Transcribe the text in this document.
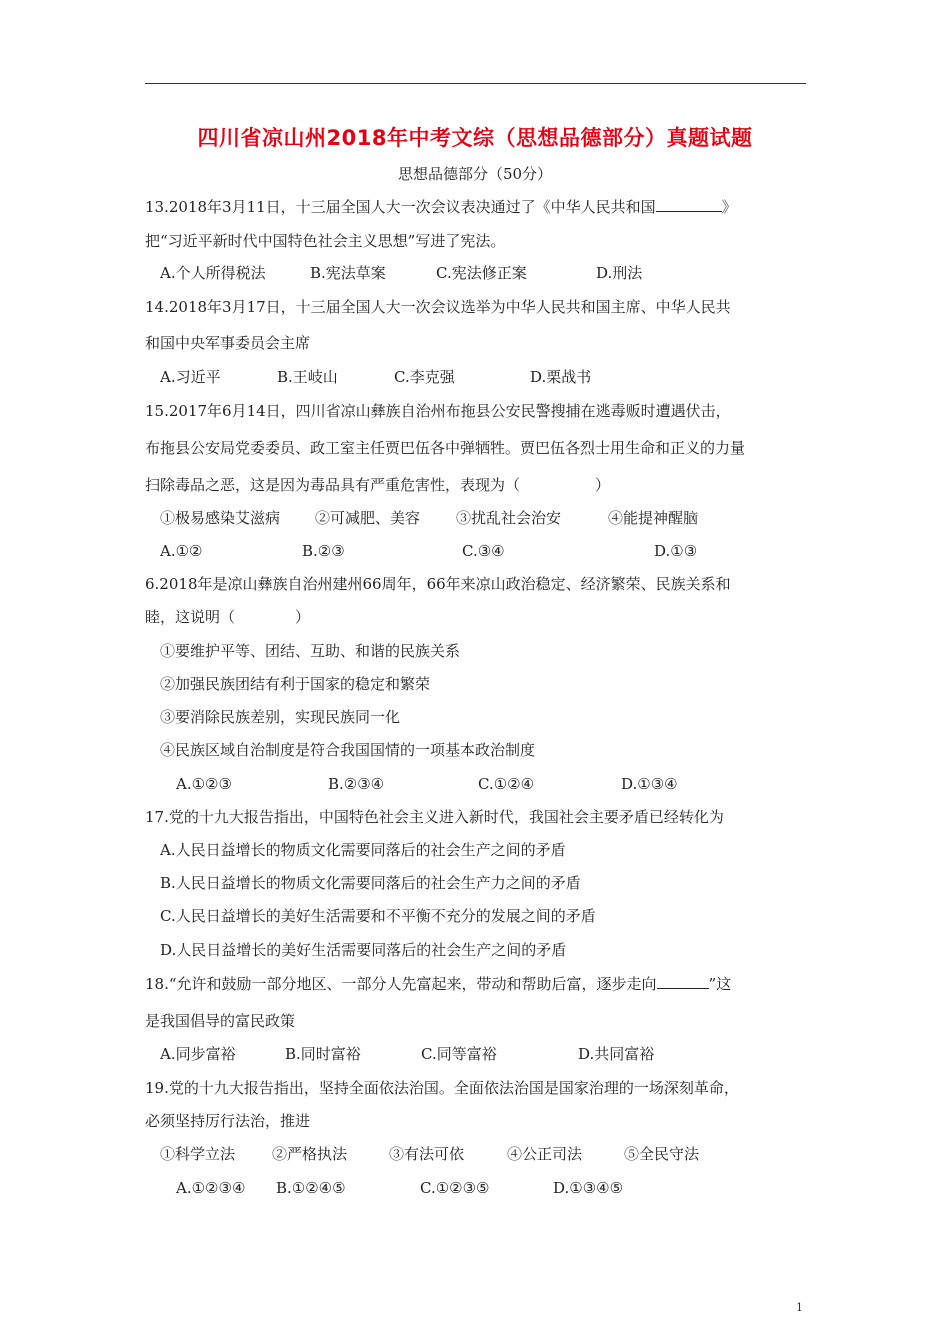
四川省凉山州2018年中考文综（思想品德部分）真题试题
思想品德部分（50分）
13.2018年3月11日，十三届全国人大一次会议表决通过了《中华人民共和国	》
把“习近平新时代中国特色社会主义思想”写进了宪法。
A.个人所得税法	B.宪法草案	C.宪法修正案	D.刑法
14.2018年3月17日，十三届全国人大一次会议选举为中华人民共和国主席、中华人民共
和国中央军事委员会主席
A.习近平	B.王岐山	C.李克强	D.栗战书
15.2017年6月14日，四川省凉山彝族自治州布拖县公安民警搜捕在逃毒贩时遭遇伏击，
布拖县公安局党委委员、政工室主任贾巴伍各中弹牺牲。贾巴伍各烈士用生命和正义的力量
扫除毒品之恶，这是因为毒品具有严重危害性，表现为（　　　　　）
①极易感染艾滋病 ②可减肥、美容 ③扰乱社会治安	④能提神醒脑
A.①②	B.②③	C.③④	D.①③
6.2018年是凉山彝族自治州建州66周年，66年来凉山政治稳定、经济繁荣、民族关系和
睦，这说明（　　　　）
①要维护平等、团结、互助、和谐的民族关系
②加强民族团结有利于国家的稳定和繁荣
③要消除民族差别，实现民族同一化
④民族区域自治制度是符合我国国情的一项基本政治制度
A.①②③	B.②③④	C.①②④	D.①③④
17.党的十九大报告指出，中国特色社会主义进入新时代，我国社会主要矛盾已经转化为
A.人民日益增长的物质文化需要同落后的社会生产之间的矛盾
B.人民日益增长的物质文化需要同落后的社会生产力之间的矛盾
C.人民日益增长的美好生活需要和不平衡不充分的发展之间的矛盾
D.人民日益增长的美好生活需要同落后的社会生产之间的矛盾
18.“允许和鼓励一部分地区、一部分人先富起来，带动和帮助后富，逐步走向	”这
是我国倡导的富民政策
A.同步富裕	B.同时富裕	C.同等富裕	D.共同富裕
19.党的十九大报告指出，坚持全面依法治国。全面依法治国是国家治理的一场深刻革命，
必须坚持厉行法治，推进
①科学立法 ②严格执法	③有法可依	④公正司法	⑤全民守法
A.①②③④ B.①②④⑤	C.①②③⑤	D.①③④⑤
1
